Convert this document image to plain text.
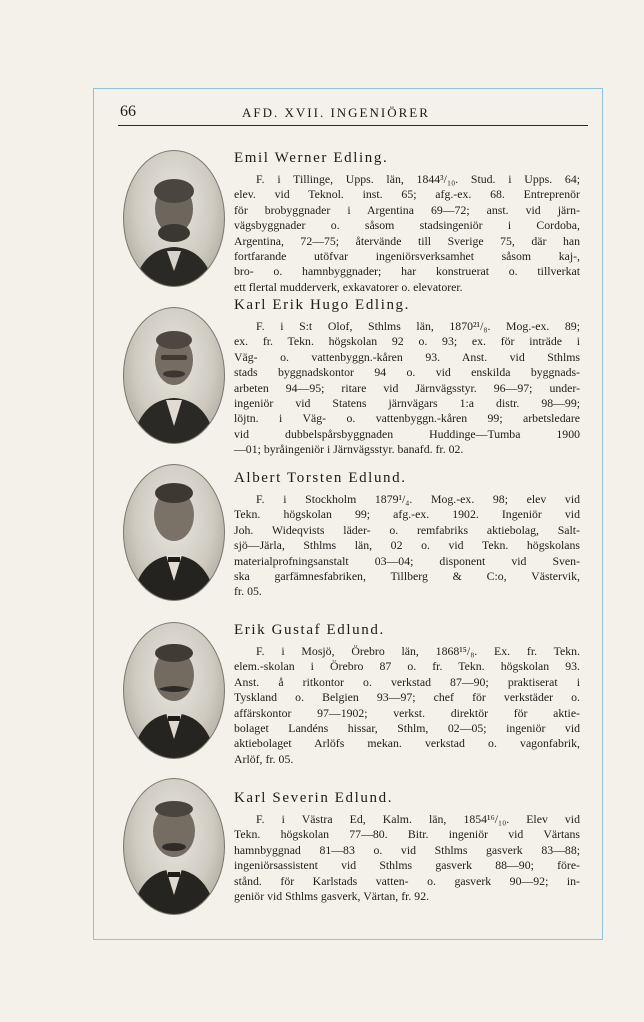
66	AFD. XVII. INGENIÖRER
Emil Werner Edling.
F. i Tillinge, Upps. län, 1844³/₁₀. Stud. i Upps. 64;
elev. vid Teknol. inst. 65; afg.-ex. 68. Entreprenör
för brobyggnader i Argentina 69—72; anst. vid järn-
vägsbyggnader o. såsom stadsingeniör i Cordoba,
Argentina, 72—75; återvände till Sverige 75, där han
fortfarande utöfvar ingeniörsverksamhet såsom kaj-,
bro- o. hamnbyggnader; har konstruerat o. tillverkat
ett flertal mudderverk, exkavatorer o. elevatorer.
Karl Erik Hugo Edling.
F. i S:t Olof, Sthlms län, 1870²¹/₈. Mog.-ex. 89;
ex. fr. Tekn. högskolan 92 o. 93; ex. för inträde i
Väg- o. vattenbyggn.-kåren 93. Anst. vid Sthlms
stads byggnadskontor 94 o. vid enskilda byggnads-
arbeten 94—95; ritare vid Järnvägsstyr. 96—97; under-
ingeniör vid Statens järnvägars 1:a distr. 98—99;
löjtn. i Väg- o. vattenbyggn.-kåren 99; arbetsledare
vid dubbelspårsbyggnaden Huddinge—Tumba 1900
—01; byråingeniör i Järnvägsstyr. banafd. fr. 02.
Albert Torsten Edlund.
F. i Stockholm 1879¹/₄. Mog.-ex. 98; elev vid
Tekn. högskolan 99; afg.-ex. 1902. Ingeniör vid
Joh. Wideqvists läder- o. remfabriks aktiebolag, Salt-
sjö—Järla, Sthlms län, 02 o. vid Tekn. högskolans
materialprofningsanstalt 03—04; disponent vid Sven-
ska garfämnesfabriken, Tillberg & C:o, Västervik,
fr. 05.
Erik Gustaf Edlund.
F. i Mosjö, Örebro län, 1868¹⁵/₈. Ex. fr. Tekn.
elem.-skolan i Örebro 87 o. fr. Tekn. högskolan 93.
Anst. å ritkontor o. verkstad 87—90; praktiserat i
Tyskland o. Belgien 93—97; chef för verkstäder o.
affärskontor 97—1902; verkst. direktör för aktie-
bolaget Landéns hissar, Sthlm, 02—05; ingeniör vid
aktiebolaget Arlöfs mekan. verkstad o. vagonfabrik,
Arlöf, fr. 05.
Karl Severin Edlund.
F. i Västra Ed, Kalm. län, 1854¹⁶/₁₀. Elev vid
Tekn. högskolan 77—80. Bitr. ingeniör vid Värtans
hamnbyggnad 81—83 o. vid Sthlms gasverk 83—88;
ingeniörsassistent vid Sthlms gasverk 88—90; före-
stånd. för Karlstads vatten- o. gasverk 90—92; in-
geniör vid Sthlms gasverk, Värtan, fr. 92.
